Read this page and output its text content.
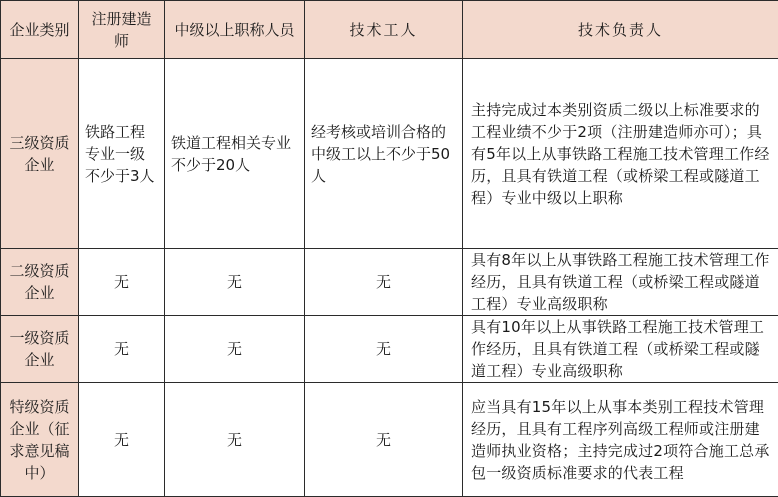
企业类别	注册建造师	中级以上职称人员	技术工人	技术负责人
三级资质企业	铁路工程专业一级不少于3人	铁道工程相关专业不少于20人	经考核或培训合格的中级工以上不少于50人	主持完成过本类别资质二级以上标准要求的工程业绩不少于2项（注册建造师亦可）；具有5年以上从事铁路工程施工技术管理工作经历，且具有铁道工程（或桥梁工程或隧道工程）专业中级以上职称
二级资质企业	无	无	无	具有8年以上从事铁路工程施工技术管理工作经历，且具有铁道工程（或桥梁工程或隧道工程）专业高级职称
一级资质企业	无	无	无	具有10年以上从事铁路工程施工技术管理工作经历，且具有铁道工程（或桥梁工程或隧道工程）专业高级职称
特级资质企业（征求意见稿中）	无	无	无	应当具有15年以上从事本类别工程技术管理经历，且具有工程序列高级工程师或注册建造师执业资格；主持完成过2项符合施工总承包一级资质标准要求的代表工程
